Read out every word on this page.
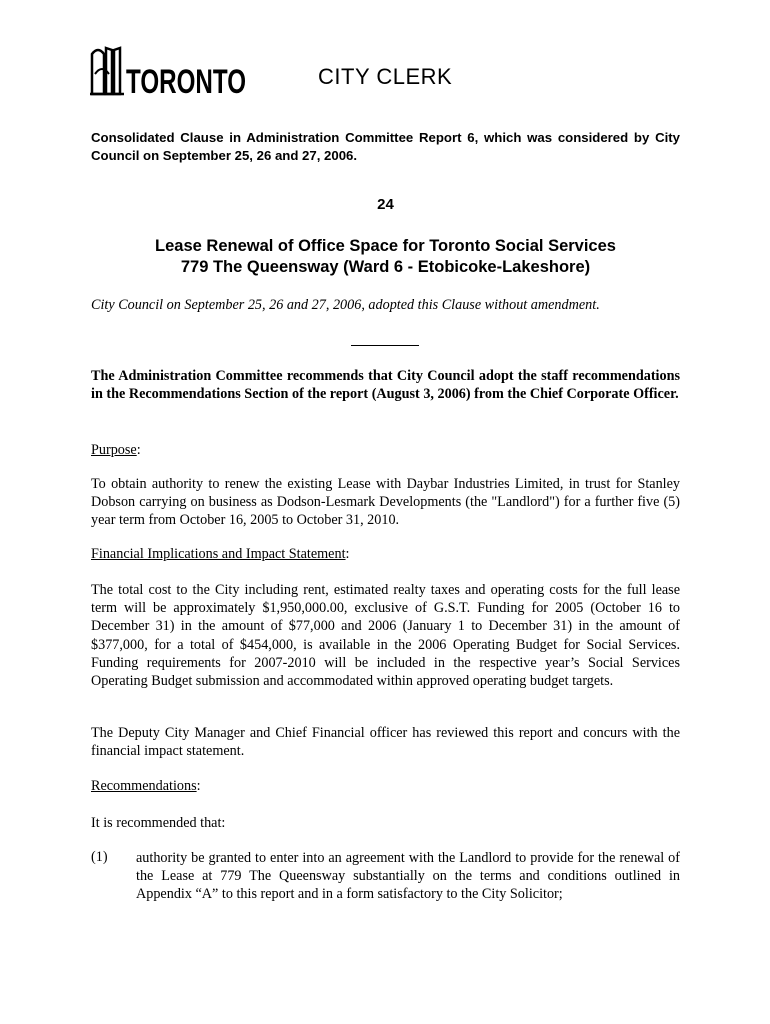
TORONTO	CITY CLERK
Consolidated Clause in Administration Committee Report 6, which was considered by City Council on September 25, 26 and 27, 2006.
24
Lease Renewal of Office Space for Toronto Social Services
779 The Queensway (Ward 6 - Etobicoke-Lakeshore)
City Council on September 25, 26 and 27, 2006, adopted this Clause without amendment.
The Administration Committee recommends that City Council adopt the staff recommendations in the Recommendations Section of the report (August 3, 2006) from the Chief Corporate Officer.
Purpose:
To obtain authority to renew the existing Lease with Daybar Industries Limited, in trust for Stanley Dobson carrying on business as Dodson-Lesmark Developments (the "Landlord") for a further five (5) year term from October 16, 2005 to October 31, 2010.
Financial Implications and Impact Statement:
The total cost to the City including rent, estimated realty taxes and operating costs for the full lease term will be approximately $1,950,000.00, exclusive of G.S.T. Funding for 2005 (October 16 to December 31) in the amount of $77,000 and 2006 (January 1 to December 31) in the amount of $377,000, for a total of $454,000, is available in the 2006 Operating Budget for Social Services. Funding requirements for 2007-2010 will be included in the respective year’s Social Services Operating Budget submission and accommodated within approved operating budget targets.
The Deputy City Manager and Chief Financial officer has reviewed this report and concurs with the financial impact statement.
Recommendations:
It is recommended that:
(1) authority be granted to enter into an agreement with the Landlord to provide for the renewal of the Lease at 779 The Queensway substantially on the terms and conditions outlined in Appendix “A” to this report and in a form satisfactory to the City Solicitor;
